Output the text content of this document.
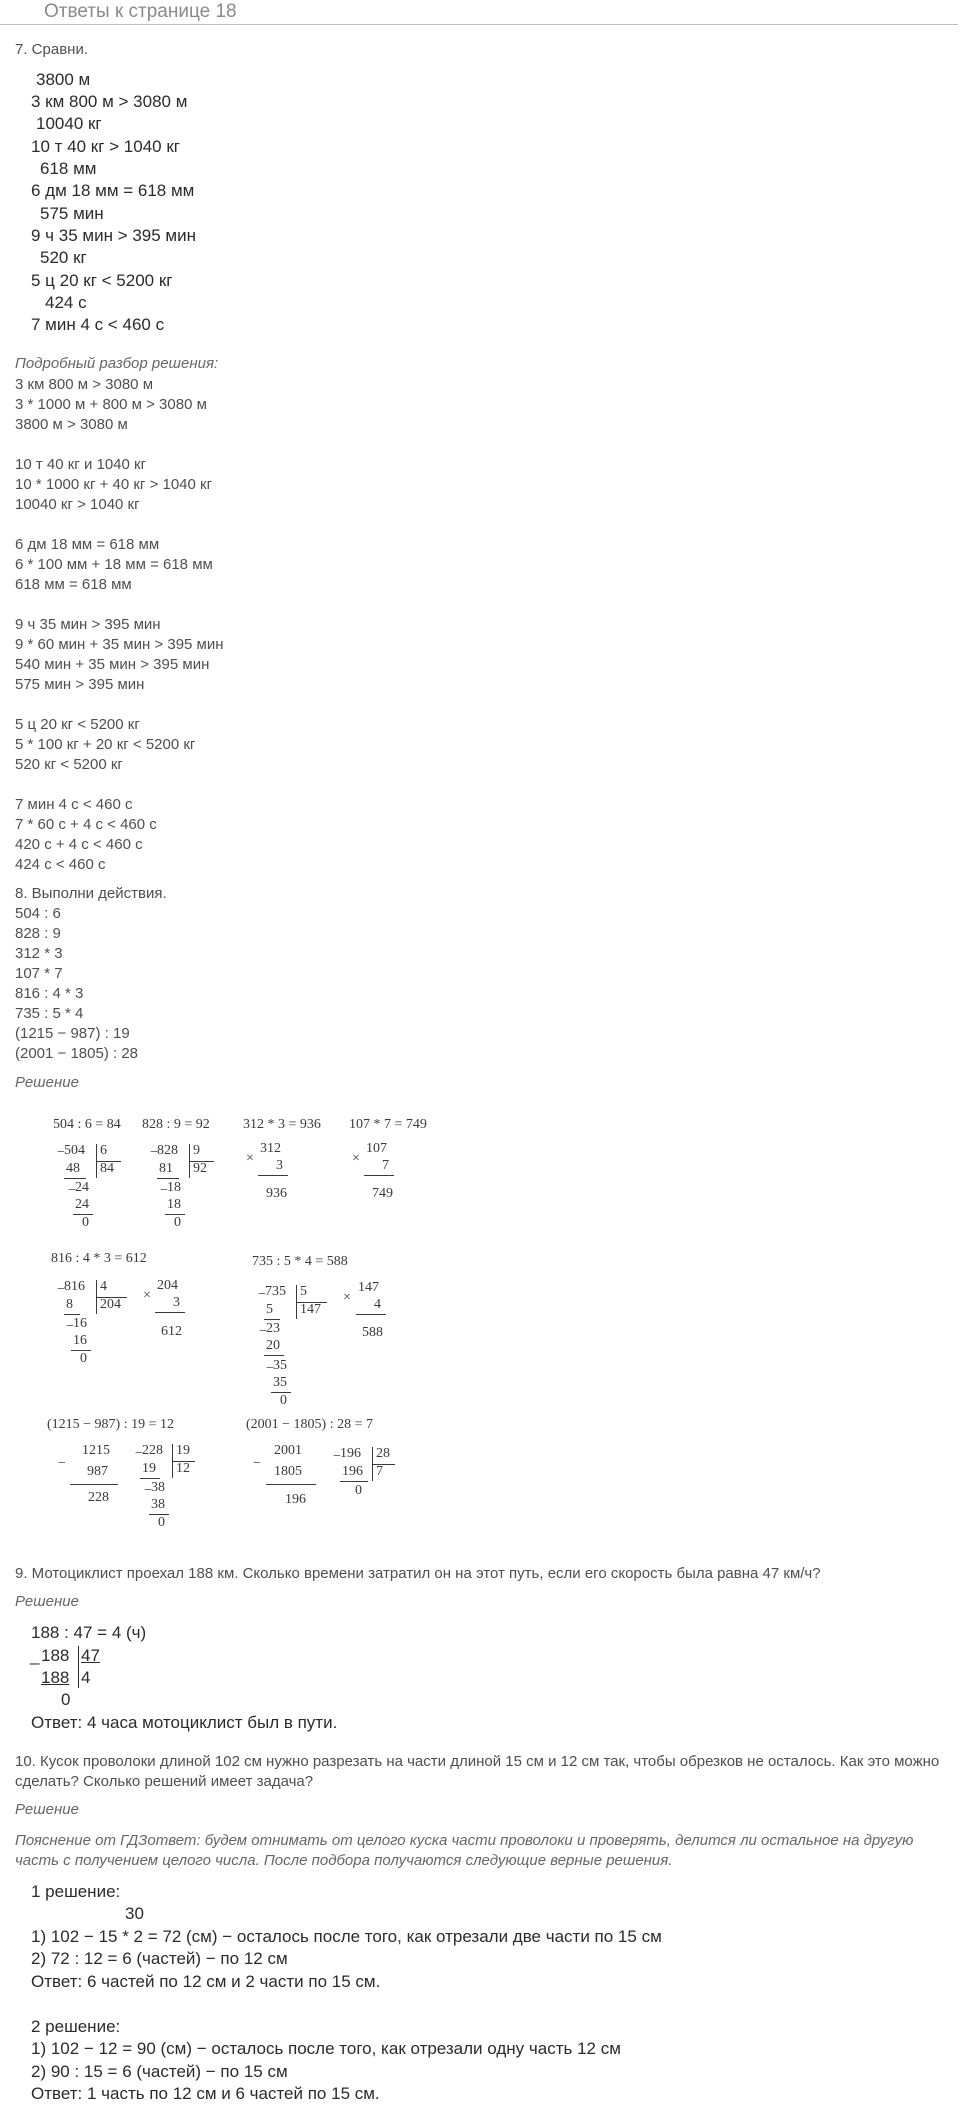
Ответы к странице 18
7. Сравни.
3800 м
3 км 800 м > 3080 м
10040 кг
10 т 40 кг > 1040 кг
618 мм
6 дм 18 мм = 618 мм
575 мин
9 ч 35 мин > 395 мин
520 кг
5 ц 20 кг < 5200 кг
424 с
7 мин 4 с < 460 с
Подробный разбор решения:
3 км 800 м > 3080 м
3 * 1000 м + 800 м > 3080 м
3800 м > 3080 м
10 т 40 кг и 1040 кг
10 * 1000 кг + 40 кг > 1040 кг
10040 кг > 1040 кг
6 дм 18 мм = 618 мм
6 * 100 мм + 18 мм = 618 мм
618 мм = 618 мм
9 ч 35 мин > 395 мин
9 * 60 мин + 35 мин > 395 мин
540 мин + 35 мин > 395 мин
575 мин > 395 мин
5 ц 20 кг < 5200 кг
5 * 100 кг + 20 кг < 5200 кг
520 кг < 5200 кг
7 мин 4 с < 460 с
7 * 60 с + 4 с < 460 с
420 с + 4 с < 460 с
424 с < 460 с
8. Выполни действия.
504 : 6
828 : 9
312 * 3
107 * 7
816 : 4 * 3
735 : 5 * 4
(1215 − 987) : 19
(2001 − 1805) : 28
Решение
504 : 6 = 84 828 : 9 = 92 312 * 3 = 936 107 * 7 = 749
− 504 6
48 84
− 24
24
0
− 828 9
81 92
− 18
18
0
×
312
3
936
×
107
7
749
816 : 4 * 3 = 612	735 : 5 * 4 = 588
− 816 4
8 204
− 16
16
0
×
204
3
612
− 735 5
5 147
− 23
20
− 35
35
0
×
147
4
588
(1215 − 987) : 19 = 12	(2001 − 1805) : 28 = 7
−
1215
987
228
− 228 19
19 12
− 38
38
0
−
2001
1805
196
− 196 28
196 7
0
9. Мотоциклист проехал 188 км. Сколько времени затратил он на этот путь, если его скорость была равна 47 км/ч?
Решение
188 : 47 = 4 (ч)
_ 188 47
188 4
0
Ответ: 4 часа мотоциклист был в пути.
10. Кусок проволоки длиной 102 см нужно разрезать на части длиной 15 см и 12 см так, чтобы обрезков не осталось. Как это можно сделать? Сколько решений имеет задача?
Решение
Пояснение от ГДЗответ: будем отнимать от целого куска части проволоки и проверять, делится ли остальное на другую часть с получением целого числа. После подбора получаются следующие верные решения.
1 решение:
30
1) 102 − 15 * 2 = 72 (см) − осталось после того, как отрезали две части по 15 см
2) 72 : 12 = 6 (частей) − по 12 см
Ответ: 6 частей по 12 см и 2 части по 15 см.
2 решение:
1) 102 − 12 = 90 (см) − осталось после того, как отрезали одну часть 12 см
2) 90 : 15 = 6 (частей) − по 15 см
Ответ: 1 часть по 12 см и 6 частей по 15 см.
